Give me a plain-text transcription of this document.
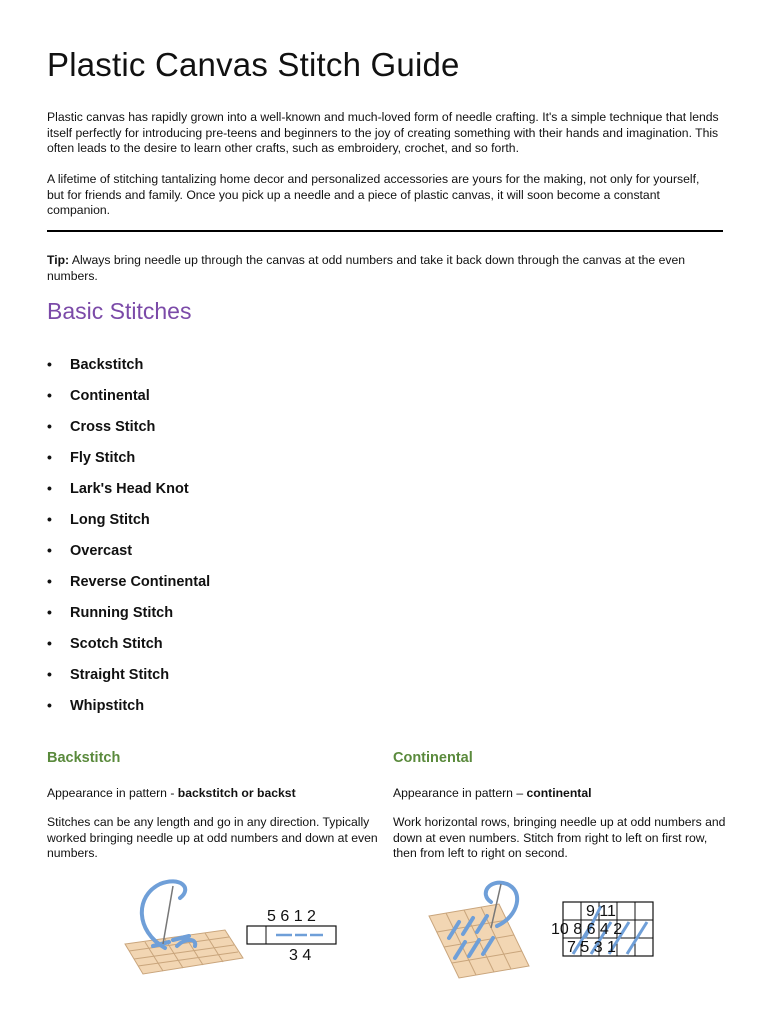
Plastic Canvas Stitch Guide

Plastic canvas has rapidly grown into a well-known and much-loved form of needle crafting. It's a simple technique that lends itself perfectly for introducing pre-teens and beginners to the joy of creating something with their hands and imagination. This often leads to the desire to learn other crafts, such as embroidery, crochet, and so forth.

A lifetime of stitching tantalizing home decor and personalized accessories are yours for the making, not only for yourself, but for friends and family. Once you pick up a needle and a piece of plastic canvas, it will soon become a constant companion.

Tip: Always bring needle up through the canvas at odd numbers and take it back down through the canvas at the even numbers.

Basic Stitches
• Backstitch
• Continental
• Cross Stitch
• Fly Stitch
• Lark's Head Knot
• Long Stitch
• Overcast
• Reverse Continental
• Running Stitch
• Scotch Stitch
• Straight Stitch
• Whipstitch
Backstitch

Appearance in pattern - backstitch or backst

Stitches can be any length and go in any direction. Typically worked bringing needle up at odd numbers and down at even numbers.

5 6 1 2
3 4
Continental

Appearance in pattern – continental

Work horizontal rows, bringing needle up at odd numbers and down at even numbers. Stitch from right to left on first row, then from left to right on second.

9 11
10 8 6 4 2
7 5 3 1
